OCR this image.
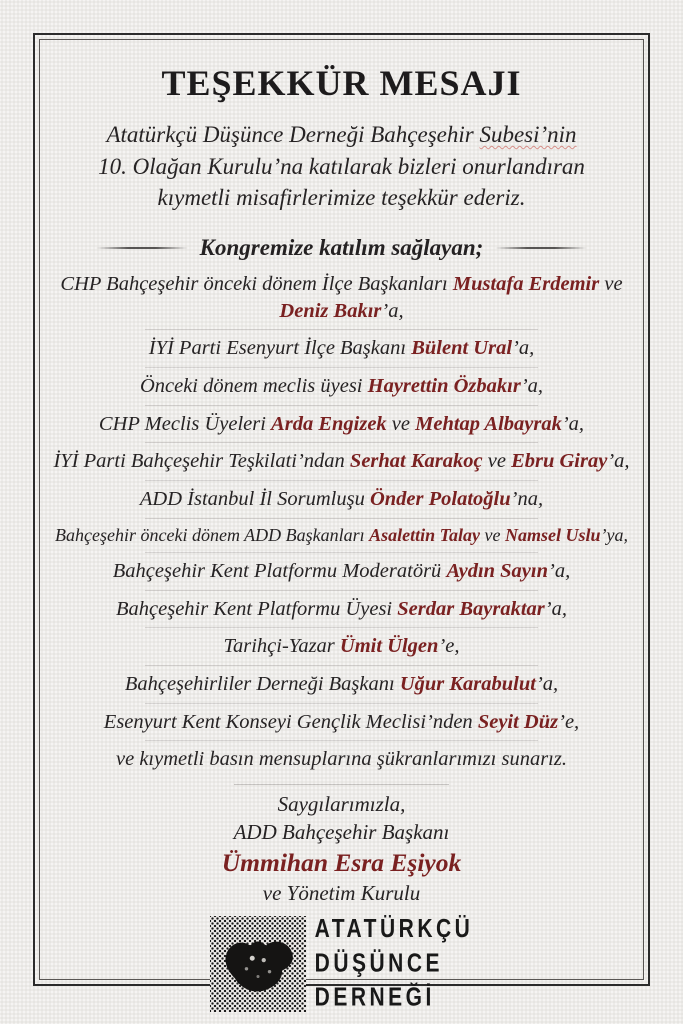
TEŞEKKÜR MESAJI
Atatürkçü Düşünce Derneği Bahçeşehir Subesi’nin
10. Olağan Kurulu’na katılarak bizleri onurlandıran
kıymetli misafirlerimize teşekkür ederiz.
Kongremize katılım sağlayan;
CHP Bahçeşehir önceki dönem İlçe Başkanları Mustafa Erdemir ve
Deniz Bakır’a,
İYİ Parti Esenyurt İlçe Başkanı Bülent Ural’a,
Önceki dönem meclis üyesi Hayrettin Özbakır’a,
CHP Meclis Üyeleri Arda Engizek ve Mehtap Albayrak’a,
İYİ Parti Bahçeşehir Teşkilati’ndan Serhat Karakoç ve Ebru Giray’a,
ADD İstanbul İl Sorumluşu Önder Polatoğlu’na,
Bahçeşehir önceki dönem ADD Başkanları Asalettin Talay ve Namsel Uslu’ya,
Bahçeşehir Kent Platformu Moderatörü Aydın Sayın’a,
Bahçeşehir Kent Platformu Üyesi Serdar Bayraktar’a,
Tarihçi-Yazar Ümit Ülgen’e,
Bahçeşehirliler Derneği Başkanı Uğur Karabulut’a,
Esenyurt Kent Konseyi Gençlik Meclisi’nden Seyit Düz’e,
ve kıymetli basın mensuplarına şükranlarımızı sunarız.
Saygılarımızla,
ADD Bahçeşehir Başkanı
Ümmihan Esra Eşiyok
ve Yönetim Kurulu
ATATÜRKÇÜ
DÜŞÜNCE
DERNEĞİ
